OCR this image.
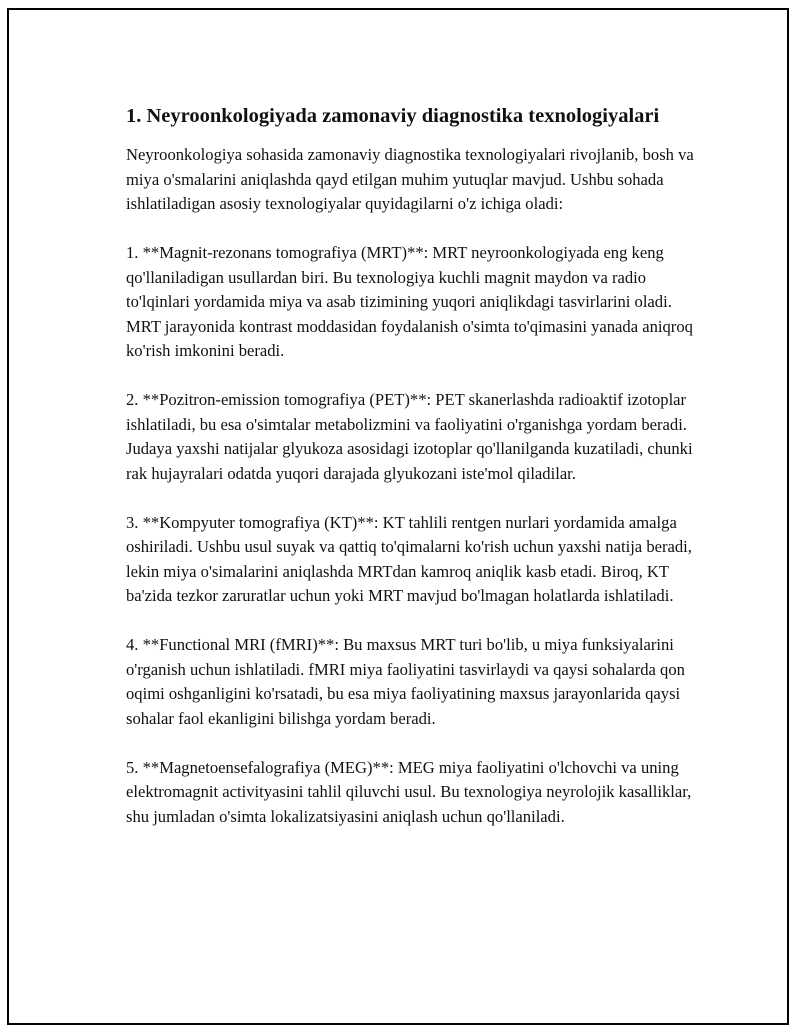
1. Neyroonkologiyada zamonaviy diagnostika texnologiyalari

Neyroonkologiya sohasida zamonaviy diagnostika texnologiyalari rivojlanib, bosh va miya o'smalarini aniqlashda qayd etilgan muhim yutuqlar mavjud. Ushbu sohada ishlatiladigan asosiy texnologiyalar quyidagilarni o'z ichiga oladi:

1. **Magnit-rezonans tomografiya (MRT)**: MRT neyroonkologiyada eng keng qo'llaniladigan usullardan biri. Bu texnologiya kuchli magnit maydon va radio to'lqinlari yordamida miya va asab tizimining yuqori aniqlikdagi tasvirlarini oladi. MRT jarayonida kontrast moddasidan foydalanish o'simta to'qimasini yanada aniqroq ko'rish imkonini beradi.

2. **Pozitron-emission tomografiya (PET)**: PET skanerlashda radioaktif izotoplar ishlatiladi, bu esa o'simtalar metabolizmini va faoliyatini o'rganishga yordam beradi. Judaya yaxshi natijalar glyukoza asosidagi izotoplar qo'llanilganda kuzatiladi, chunki rak hujayralari odatda yuqori darajada glyukozani iste'mol qiladilar.

3. **Kompyuter tomografiya (KT)**: KT tahlili rentgen nurlari yordamida amalga oshiriladi. Ushbu usul suyak va qattiq to'qimalarni ko'rish uchun yaxshi natija beradi, lekin miya o'simalarini aniqlashda MRTdan kamroq aniqlik kasb etadi. Biroq, KT ba'zida tezkor zaruratlar uchun yoki MRT mavjud bo'lmagan holatlarda ishlatiladi.

4. **Functional MRI (fMRI)**: Bu maxsus MRT turi bo'lib, u miya funksiyalarini o'rganish uchun ishlatiladi. fMRI miya faoliyatini tasvirlaydi va qaysi sohalarda qon oqimi oshganligini ko'rsatadi, bu esa miya faoliyatining maxsus jarayonlarida qaysi sohalar faol ekanligini bilishga yordam beradi.

5. **Magnetoensefalografiya (MEG)**: MEG miya faoliyatini o'lchovchi va uning elektromagnit activityasini tahlil qiluvchi usul. Bu texnologiya neyrolojik kasalliklar, shu jumladan o'simta lokalizatsiyasini aniqlash uchun qo'llaniladi.
